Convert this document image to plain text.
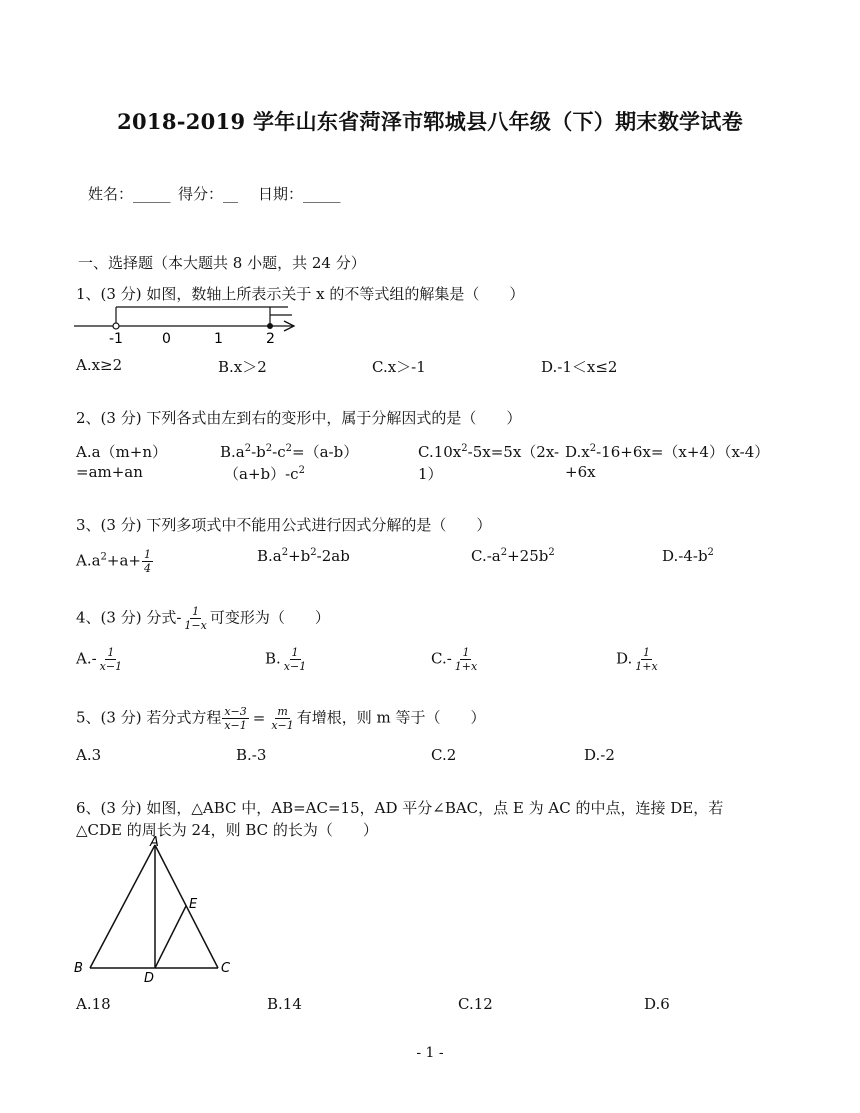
2018-2019 学年山东省菏泽市郓城县八年级（下）期末数学试卷
姓名：_____ 得分：__ 日期：_____
一、选择题（本大题共 8 小题，共 24 分）
1、(3 分) 如图，数轴上所表示关于 x 的不等式组的解集是（　　）
-1	0	1	2
A.x≥2	B.x＞2	C.x＞-1	D.-1＜x≤2
2、(3 分) 下列各式由左到右的变形中，属于分解因式的是（　　）
A.a（m+n）
=am+an
$B.a^2-b^2-c^2=(a-b)$
$(a+b)-c^2$
$C.10x^2-5x=5x(2x-$
1）
$D.x^2-16+6x=(x+4)(x-4)$
+6x
3、(3 分) 下列多项式中不能用公式进行因式分解的是（　　）
$A.a^2+a+ \frac{1}{4}$	$B.a^2+b^2-2ab$	$C.-a^2+25b^2$	$D.-4-b^2$
4、(3 分) 分式- $\frac{1}{1-x}$ 可变形为（　　）
$A.- \frac{1}{x-1}$	B. $\frac{1}{x-1}$	$C.- \frac{1}{1+x}$	D. $\frac{1}{1+x}$
5、(3 分) 若分式方程 $\frac{x-3}{x-1} = \frac{m}{x-1}$ 有增根，则 m 等于（　　）
A.3	B.-3	C.2	D.-2
6、(3 分) 如图，△ABC 中，AB=AC=15，AD 平分∠BAC，点 E 为 AC 的中点，连接 DE，若
△CDE 的周长为 24，则 BC 的长为（　　）
A
B	C
D
E
A.18	B.14	C.12	D.6
- 1 -
